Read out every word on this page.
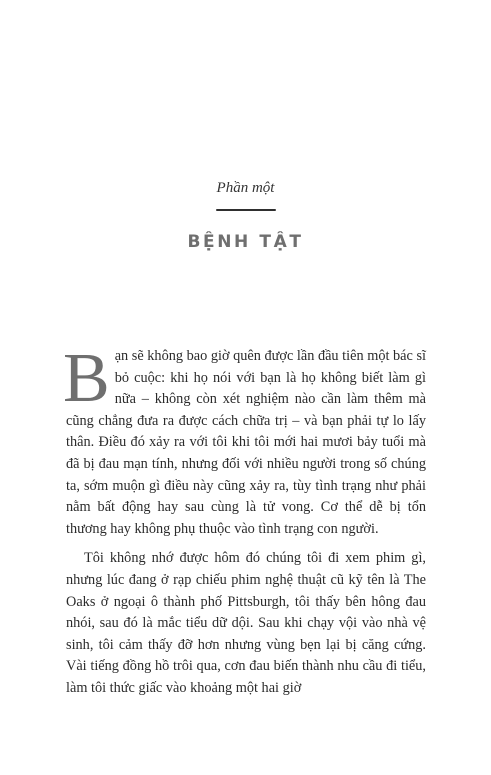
Phần một
BỆNH TẬT

Bạn sẽ không bao giờ quên được lần đầu tiên một bác sĩ bỏ cuộc: khi họ nói với bạn là họ không biết làm gì nữa – không còn xét nghiệm nào cần làm thêm mà cũng chẳng đưa ra được cách chữa trị – và bạn phải tự lo lấy thân. Điều đó xảy ra với tôi khi tôi mới hai mươi bảy tuổi mà đã bị đau mạn tính, nhưng đối với nhiều người trong số chúng ta, sớm muộn gì điều này cũng xảy ra, tùy tình trạng như phải nằm bất động hay sau cùng là tử vong. Cơ thể dễ bị tổn thương hay không phụ thuộc vào tình trạng con người.

Tôi không nhớ được hôm đó chúng tôi đi xem phim gì, nhưng lúc đang ở rạp chiếu phim nghệ thuật cũ kỹ tên là The Oaks ở ngoại ô thành phố Pittsburgh, tôi thấy bên hông đau nhói, sau đó là mắc tiểu dữ dội. Sau khi chạy vội vào nhà vệ sinh, tôi cảm thấy đỡ hơn nhưng vùng bẹn lại bị căng cứng. Vài tiếng đồng hồ trôi qua, cơn đau biến thành nhu cầu đi tiểu, làm tôi thức giấc vào khoảng một hai giờ
